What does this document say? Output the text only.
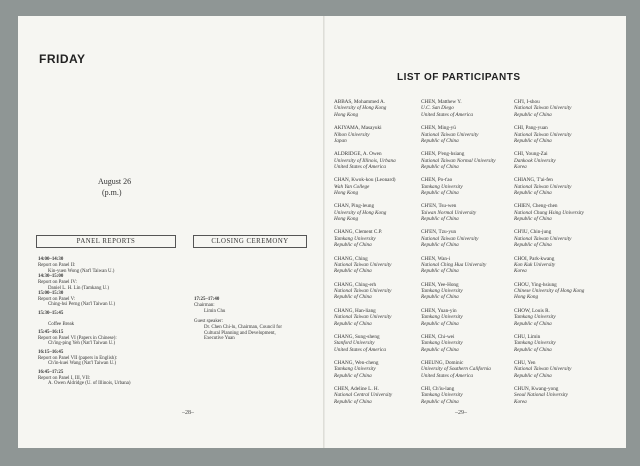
FRIDAY
August 26
(p.m.)
PANEL REPORTS	CLOSING CEREMONY
14:00–14:30
Report on Panel II:
Kin-yuen Wong (Nat'l Taiwan U.)
14:30–15:00
Report on Panel IV:
Daniel L. H. Lin (Tamkang U.)
15:00–15:30
Report on Panel V:
Ching-hsi Perng (Nat'l Taiwan U.)
15:30–15:45
Coffee Break
15:45–16:15
Report on Panel VI (Papers in Chinese):
Ch'ing-ping Yeh (Nat'l Taiwan U.)
16:15–16:45
Report on Panel VII (papers in English):
Ch'in-kuei Wang (Nat'l Taiwan U.)
16:45–17:25
Report on Panel I, III, VII:
A. Owen Aldridge (U. of Illinois, Urbana)
17:25–17:40
Chairman:
Limin Chu
Guest speaker:
Dr. Chen Chi-lu, Chairman, Council for
Cultural Planning and Development,
Executive Yuan
–28–
LIST OF PARTICIPANTS
ABBAS, Mohammed A.
University of Hong Kong
Hong Kong
AKIYAMA, Masayuki
Nihon University
Japan
ALDRIDGE, A. Owen
University of Illinois, Urbana
United States of America
CHAN, Kwok-kou (Leonard)
Wah Yan College
Hong Kong
CHAN, Ping-leung
University of Hong Kong
Hong Kong
CHANG, Clement C.P.
Tamkang University
Republic of China
CHANG, Ching
National Taiwan University
Republic of China
CHANG, Ching-erh
National Taiwan University
Republic of China
CHANG, Han-liang
National Taiwan University
Republic of China
CHANG, Sung-sheng
Stanford University
United States of America
CHANG, Wen-cheng
Tamkang University
Republic of China
CHEN, Adeline L. H.
National Central University
Republic of China
CHEN, Matthew Y.
U.C. San Diego
United States of America
CHEN, Ming-yü
National Taiwan University
Republic of China
CHEN, P'eng-hsiang
National Taiwan Normal University
Republic of China
CHEN, Po-t'ao
Tamkang University
Republic of China
CH'EN, Tsu-wen
Taiwan Normal University
Republic of China
CH'EN, Tzu-yun
National Taiwan University
Republic of China
CHEN, Wan-i
National Ching Hua University
Republic of China
CHEN, Yee-Hong
Tamkang University
Republic of China
CHEN, Yuan-yin
Tamkang University
Republic of China
CHEN, Chi-wei
Tamkang University
Republic of China
CHEUNG, Dominic
University of Southern California
United States of America
CHI, Ch'iu-lang
Tamkang University
Republic of China
CH'I, I-shou
National Taiwan University
Republic of China
CHI, Pang-yuan
National Taiwan University
Republic of China
CHI, Young-Zai
Dankook University
Korea
CHIANG, T'ai-fen
National Taiwan University
Republic of China
CHIEN, Cheng-chen
National Chung Hsing University
Republic of China
CH'IU, Chin-jung
National Taiwan University
Republic of China
CHOI, Park-kwang
Kon Kuk University
Korea
CHOU, Ying-hsiung
Chinese University of Hong Kong
Hong Kong
CHOW, Louis R.
Tamkang University
Republic of China
CHU, Limin
Tamkang University
Republic of China
CHU, Yen
National Taiwan University
Republic of China
CHUN, Kwang-yong
Seoul National University
Korea
–29–
